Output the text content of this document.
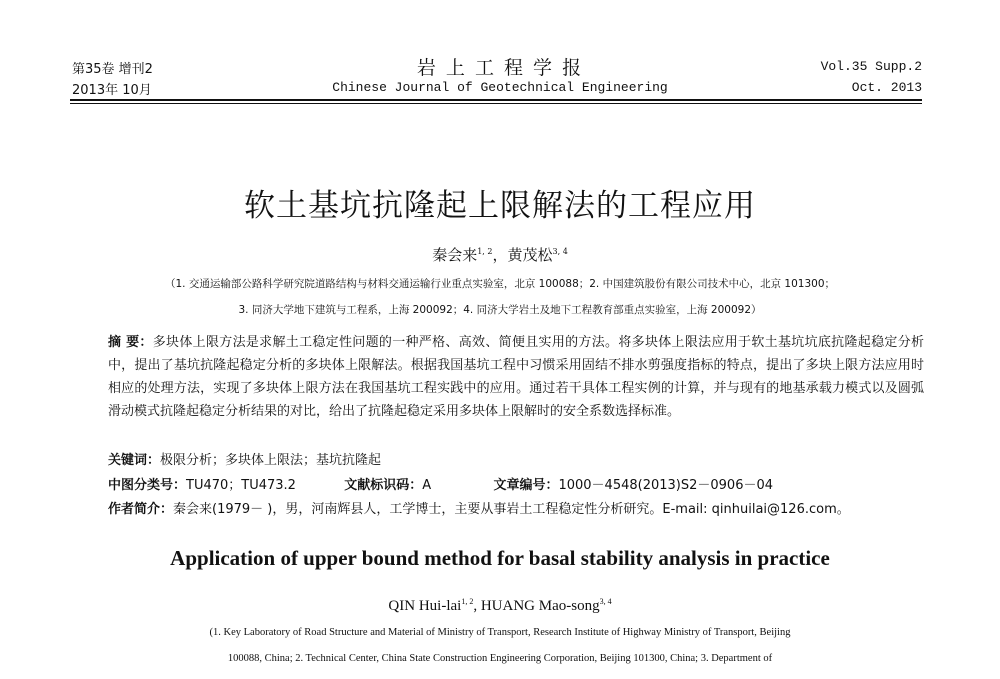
第35卷 增刊2
2013年 10月
岩 上 工 程 学 报
Chinese Journal of Geotechnical Engineering
Vol.35 Supp.2
Oct. 2013
软土基坑抗隆起上限解法的工程应用
秦会来$^{1, 2}$，黄茂松$^{3, 4}$
（1. 交通运输部公路科学研究院道路结构与材料交通运输行业重点实验室，北京 100088；2. 中国建筑股份有限公司技术中心，北京 101300；
3. 同济大学地下建筑与工程系，上海 200092；4. 同济大学岩土及地下工程教育部重点实验室，上海 200092）
摘 要：多块体上限方法是求解土工稳定性问题的一种严格、高效、简便且实用的方法。将多块体上限法应用于软土基坑坑底抗隆起稳定分析中，提出了基坑抗隆起稳定分析的多块体上限解法。根据我国基坑工程中习惯采用固结不排水剪强度指标的特点，提出了多块上限方法应用时相应的处理方法，实现了多块体上限方法在我国基坑工程实践中的应用。通过若干具体工程实例的计算，并与现有的地基承载力模式以及圆弧滑动模式抗隆起稳定分析结果的对比，给出了抗隆起稳定采用多块体上限解时的安全系数选择标准。
关键词：极限分析；多块体上限法；基坑抗隆起
中图分类号：TU470；TU473.2	文献标识码：A	文章编号：1000－4548(2013)S2－0906－04
作者简介：秦会来(1979－ )，男，河南辉县人，工学博士，主要从事岩土工程稳定性分析研究。E-mail: qinhuilai@126.com。
Application of upper bound method for basal stability analysis in practice
QIN Hui-lai$^{1, 2}$, HUANG Mao-song$^{3, 4}$
(1. Key Laboratory of Road Structure and Material of Ministry of Transport, Research Institute of Highway Ministry of Transport, Beijing
100088, China; 2. Technical Center, China State Construction Engineering Corporation, Beijing 101300, China; 3. Department of
